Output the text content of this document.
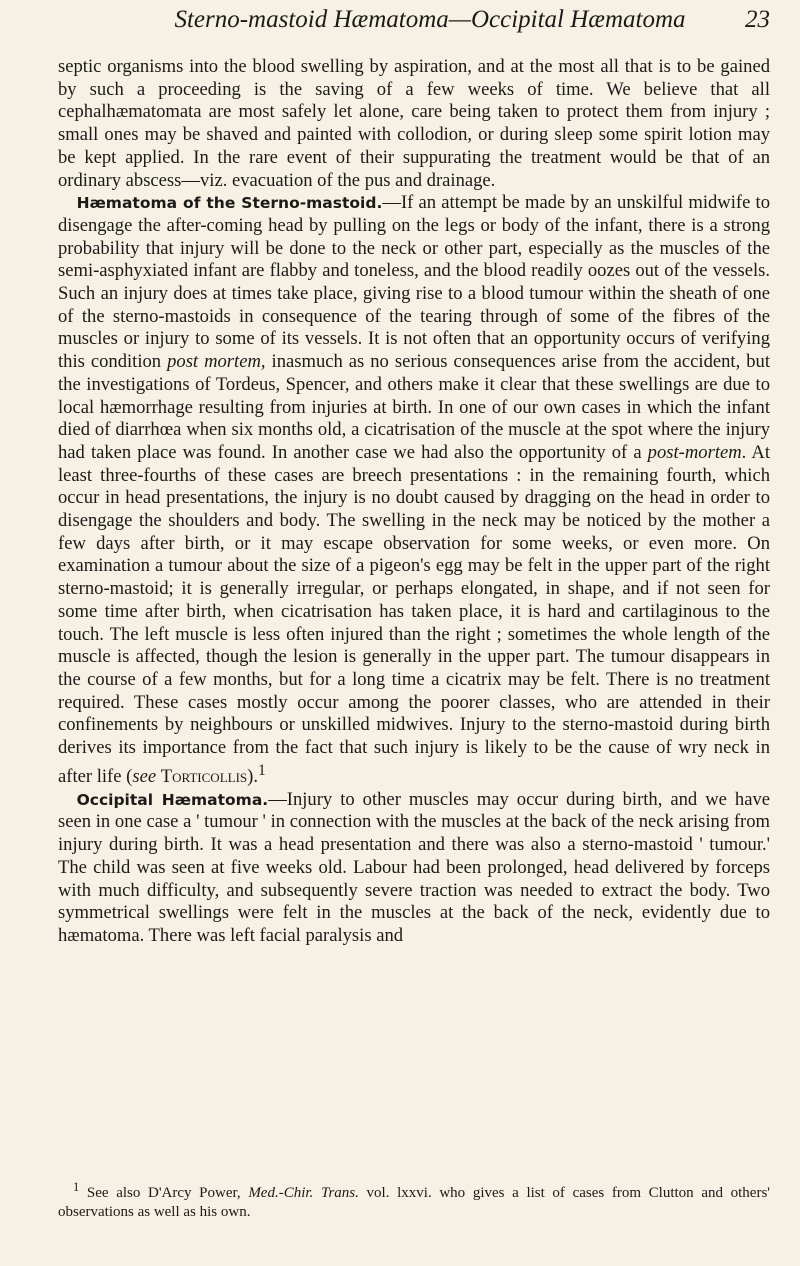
Sterno-mastoid Hæmatoma—Occipital Hæmatoma 23

septic organisms into the blood swelling by aspiration, and at the most all that is to be gained by such a proceeding is the saving of a few weeks of time. We believe that all cephalhæmatomata are most safely let alone, care being taken to protect them from injury ; small ones may be shaved and painted with collodion, or during sleep some spirit lotion may be kept applied. In the rare event of their suppurating the treatment would be that of an ordinary abscess—viz. evacuation of the pus and drainage.

 Hæmatoma of the Sterno-mastoid.—If an attempt be made by an unskilful midwife to disengage the after-coming head by pulling on the legs or body of the infant, there is a strong probability that injury will be done to the neck or other part, especially as the muscles of the semi-asphyxiated infant are flabby and toneless, and the blood readily oozes out of the vessels. Such an injury does at times take place, giving rise to a blood tumour within the sheath of one of the sterno-mastoids in consequence of the tearing through of some of the fibres of the muscles or injury to some of its vessels. It is not often that an opportunity occurs of verifying this condition post mortem, inasmuch as no serious consequences arise from the accident, but the investigations of Tordeus, Spencer, and others make it clear that these swellings are due to local hæmorrhage resulting from injuries at birth. In one of our own cases in which the infant died of diarrhœa when six months old, a cicatrisation of the muscle at the spot where the injury had taken place was found. In another case we had also the opportunity of a post-mortem. At least three-fourths of these cases are breech presentations : in the remaining fourth, which occur in head presentations, the injury is no doubt caused by dragging on the head in order to disengage the shoulders and body. The swelling in the neck may be noticed by the mother a few days after birth, or it may escape observation for some weeks, or even more. On examination a tumour about the size of a pigeon's egg may be felt in the upper part of the right sterno-mastoid; it is generally irregular, or perhaps elongated, in shape, and if not seen for some time after birth, when cicatrisation has taken place, it is hard and cartilaginous to the touch. The left muscle is less often injured than the right ; sometimes the whole length of the muscle is affected, though the lesion is generally in the upper part. The tumour disappears in the course of a few months, but for a long time a cicatrix may be felt. There is no treatment required. These cases mostly occur among the poorer classes, who are attended in their confinements by neighbours or unskilled midwives. Injury to the sterno-mastoid during birth derives its importance from the fact that such injury is likely to be the cause of wry neck in after life (see Torticollis).$^1$

 Occipital Hæmatoma.—Injury to other muscles may occur during birth, and we have seen in one case a ' tumour ' in connection with the muscles at the back of the neck arising from injury during birth. It was a head presentation and there was also a sterno-mastoid ' tumour.' The child was seen at five weeks old. Labour had been prolonged, head delivered by forceps with much difficulty, and subsequently severe traction was needed to extract the body. Two symmetrical swellings were felt in the muscles at the back of the neck, evidently due to hæmatoma. There was left facial paralysis and

 $^1$ See also D'Arcy Power, Med.-Chir. Trans. vol. lxxvi. who gives a list of cases from Clutton and others' observations as well as his own.
